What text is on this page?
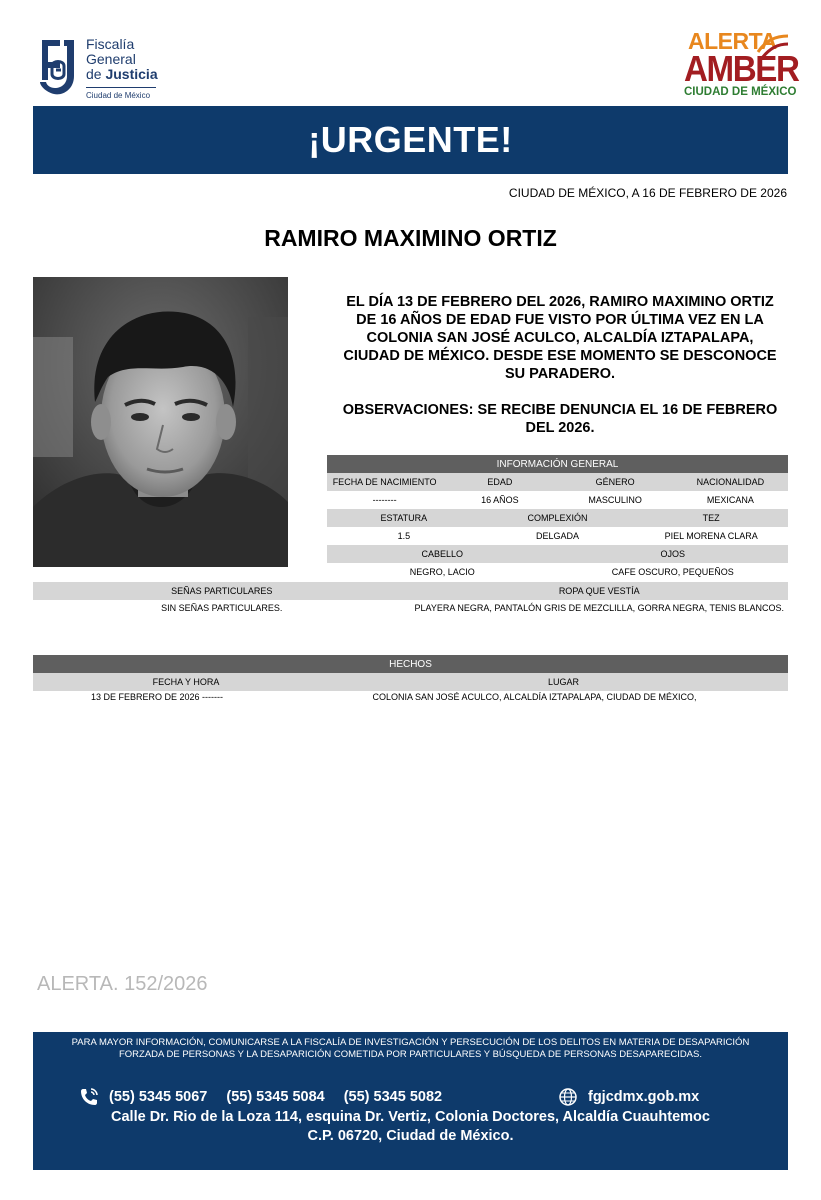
Fiscalía
General
de Justicia
Ciudad de México
ALERTA
AMBER
CIUDAD DE MÉXICO
¡URGENTE!
CIUDAD DE MÉXICO, A 16 DE FEBRERO DE 2026
RAMIRO MAXIMINO ORTIZ
EL DÍA 13 DE FEBRERO DEL 2026, RAMIRO MAXIMINO ORTIZ DE 16 AÑOS DE EDAD FUE VISTO POR ÚLTIMA VEZ EN LA COLONIA SAN JOSÉ ACULCO, ALCALDÍA IZTAPALAPA, CIUDAD DE MÉXICO. DESDE ESE MOMENTO SE DESCONOCE SU PARADERO.
OBSERVACIONES: SE RECIBE DENUNCIA EL 16 DE FEBRERO DEL 2026.
INFORMACIÓN GENERAL
FECHA DE NACIMIENTO	EDAD	GÉNERO	NACIONALIDAD
--------	16 AÑOS	MASCULINO	MEXICANA
ESTATURA	COMPLEXIÓN	TEZ
1.5	DELGADA	PIEL MORENA CLARA
CABELLO	OJOS
NEGRO, LACIO	CAFE OSCURO, PEQUEÑOS
SEÑAS PARTICULARES	ROPA QUE VESTÍA
SIN SEÑAS PARTICULARES.	PLAYERA NEGRA, PANTALÓN GRIS DE MEZCLILLA, GORRA NEGRA, TENIS BLANCOS.
HECHOS
FECHA Y HORA	LUGAR
13 DE FEBRERO DE 2026 -------	COLONIA SAN JOSÉ ACULCO, ALCALDÍA IZTAPALAPA, CIUDAD DE MÉXICO,
ALERTA. 152/2026
PARA MAYOR INFORMACIÓN, COMUNICARSE A LA FISCALÍA DE INVESTIGACIÓN Y PERSECUCIÓN DE LOS DELITOS EN MATERIA DE DESAPARICIÓN
FORZADA DE PERSONAS Y LA DESAPARICIÓN COMETIDA POR PARTICULARES Y BÚSQUEDA DE PERSONAS DESAPARECIDAS.
(55) 5345 5067 (55) 5345 5084 (55) 5345 5082	fgjcdmx.gob.mx
Calle Dr. Rio de la Loza 114, esquina Dr. Vertiz, Colonia Doctores, Alcaldía Cuauhtemoc
C.P. 06720, Ciudad de México.
